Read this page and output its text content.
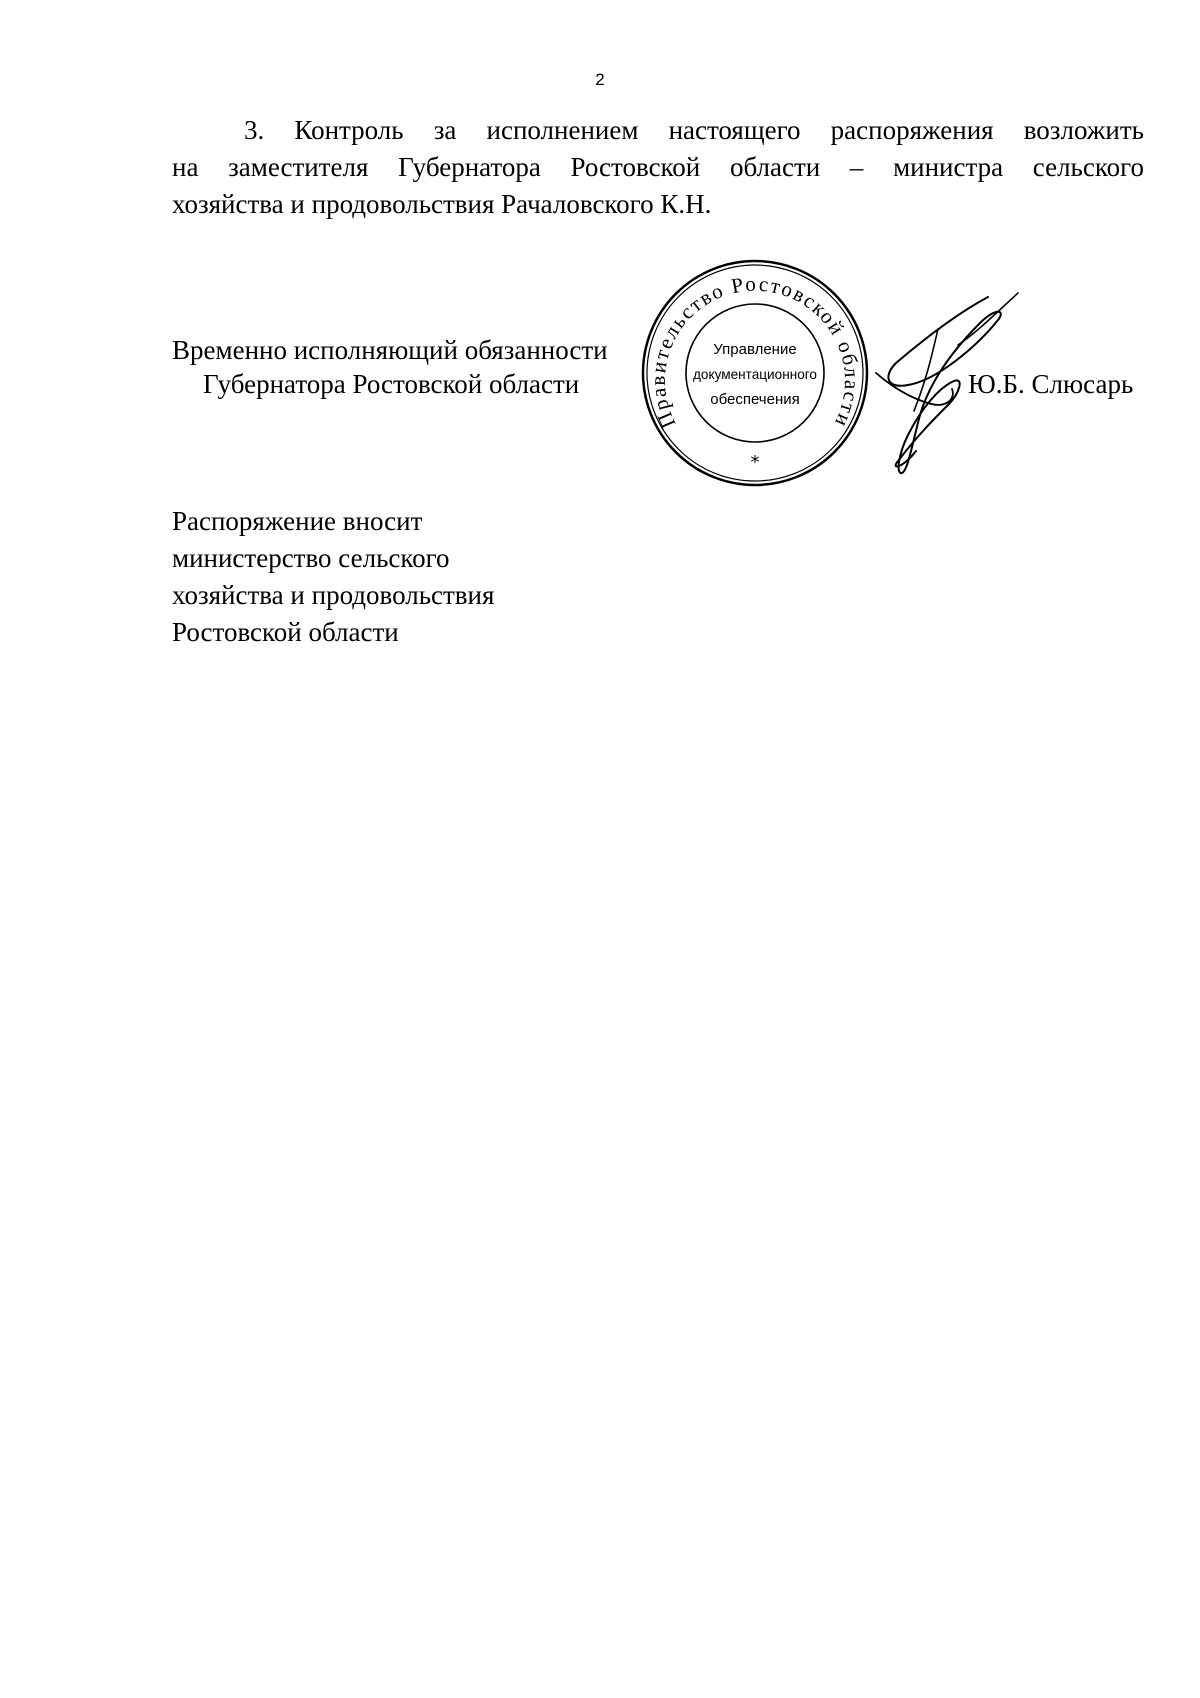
2
3. Контроль за исполнением настоящего распоряжения возложить
на заместителя Губернатора Ростовской области – министра сельского
хозяйства и продовольствия Рачаловского К.Н.
Временно исполняющий обязанности
Губернатора Ростовской области
Правительство Ростовской области
Управление
документационного
обеспечения
*
Ю.Б. Слюсарь
Распоряжение вносит
министерство сельского
хозяйства и продовольствия
Ростовской области
